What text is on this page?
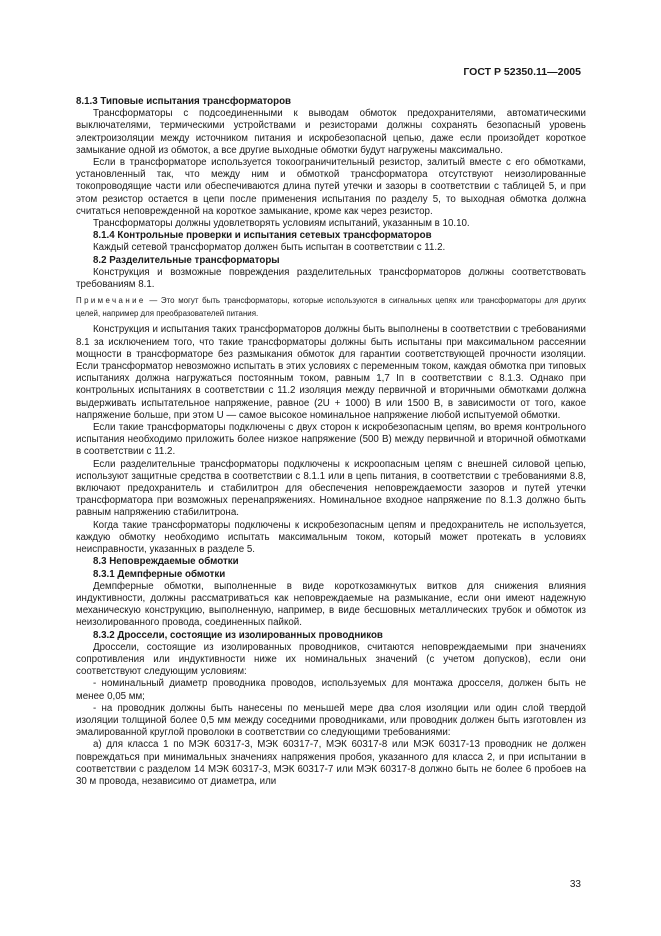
ГОСТ Р 52350.11—2005

8.1.3 Типовые испытания трансформаторов

Трансформаторы с подсоединенными к выводам обмоток предохранителями, автоматическими выключателями, термическими устройствами и резисторами должны сохранять безопасный уровень электроизоляции между источником питания и искробезопасной цепью, даже если произойдет короткое замыкание одной из обмоток, а все другие выходные обмотки будут нагружены максимально.

Если в трансформаторе используется токоограничительный резистор, залитый вместе с его обмотками, установленный так, что между ним и обмоткой трансформатора отсутствуют неизолированные токопроводящие части или обеспечиваются длина путей утечки и зазоры в соответствии с таблицей 5, и при этом резистор остается в цепи после применения испытания по разделу 5, то выходная обмотка должна считаться неповрежденной на короткое замыкание, кроме как через резистор.

Трансформаторы должны удовлетворять условиям испытаний, указанным в 10.10.

8.1.4 Контрольные проверки и испытания сетевых трансформаторов

Каждый сетевой трансформатор должен быть испытан в соответствии с 11.2.

8.2 Разделительные трансформаторы

Конструкция и возможные повреждения разделительных трансформаторов должны соответствовать требованиям 8.1.

Примечание — Это могут быть трансформаторы, которые используются в сигнальных цепях или трансформаторы для других целей, например для преобразователей питания.

Конструкция и испытания таких трансформаторов должны быть выполнены в соответствии с требованиями 8.1 за исключением того, что такие трансформаторы должны быть испытаны при максимальном рассеянии мощности в трансформаторе без размыкания обмоток для гарантии соответствующей прочности изоляции. Если трансформатор невозможно испытать в этих условиях с переменным током, каждая обмотка при типовых испытаниях должна нагружаться постоянным током, равным 1,7 Iп в соответствии с 8.1.3. Однако при контрольных испытаниях в соответствии с 11.2 изоляция между первичной и вторичными обмотками должна выдерживать испытательное напряжение, равное (2U + 1000) В или 1500 В, в зависимости от того, какое напряжение больше, при этом U — самое высокое номинальное напряжение любой испытуемой обмотки.

Если такие трансформаторы подключены с двух сторон к искробезопасным цепям, во время контрольного испытания необходимо приложить более низкое напряжение (500 В) между первичной и вторичной обмотками в соответствии с 11.2.

Если разделительные трансформаторы подключены к искроопасным цепям с внешней силовой цепью, используют защитные средства в соответствии с 8.1.1 или в цепь питания, в соответствии с требованиями 8.8, включают предохранитель и стабилитрон для обеспечения неповреждаемости зазоров и путей утечки трансформатора при возможных перенапряжениях. Номинальное входное напряжение по 8.1.3 должно быть равным напряжению стабилитрона.

Когда такие трансформаторы подключены к искробезопасным цепям и предохранитель не используется, каждую обмотку необходимо испытать максимальным током, который может протекать в условиях неисправности, указанных в разделе 5.

8.3 Неповреждаемые обмотки

8.3.1 Демпферные обмотки

Демпферные обмотки, выполненные в виде короткозамкнутых витков для снижения влияния индуктивности, должны рассматриваться как неповреждаемые на размыкание, если они имеют надежную механическую конструкцию, выполненную, например, в виде бесшовных металлических трубок и обмоток из неизолированного провода, соединенных пайкой.

8.3.2 Дроссели, состоящие из изолированных проводников

Дроссели, состоящие из изолированных проводников, считаются неповреждаемыми при значениях сопротивления или индуктивности ниже их номинальных значений (с учетом допусков), если они соответствуют следующим условиям:

- номинальный диаметр проводника проводов, используемых для монтажа дросселя, должен быть не менее 0,05 мм;

- на проводник должны быть нанесены по меньшей мере два слоя изоляции или один слой твердой изоляции толщиной более 0,5 мм между соседними проводниками, или проводник должен быть изготовлен из эмалированной круглой проволоки в соответствии со следующими требованиями:

а) для класса 1 по МЭК 60317-3, МЭК 60317-7, МЭК 60317-8 или МЭК 60317-13 проводник не должен повреждаться при минимальных значениях напряжения пробоя, указанного для класса 2, и при испытании в соответствии с разделом 14 МЭК 60317-3, МЭК 60317-7 или МЭК 60317-8 должно быть не более 6 пробоев на 30 м провода, независимо от диаметра, или

33
